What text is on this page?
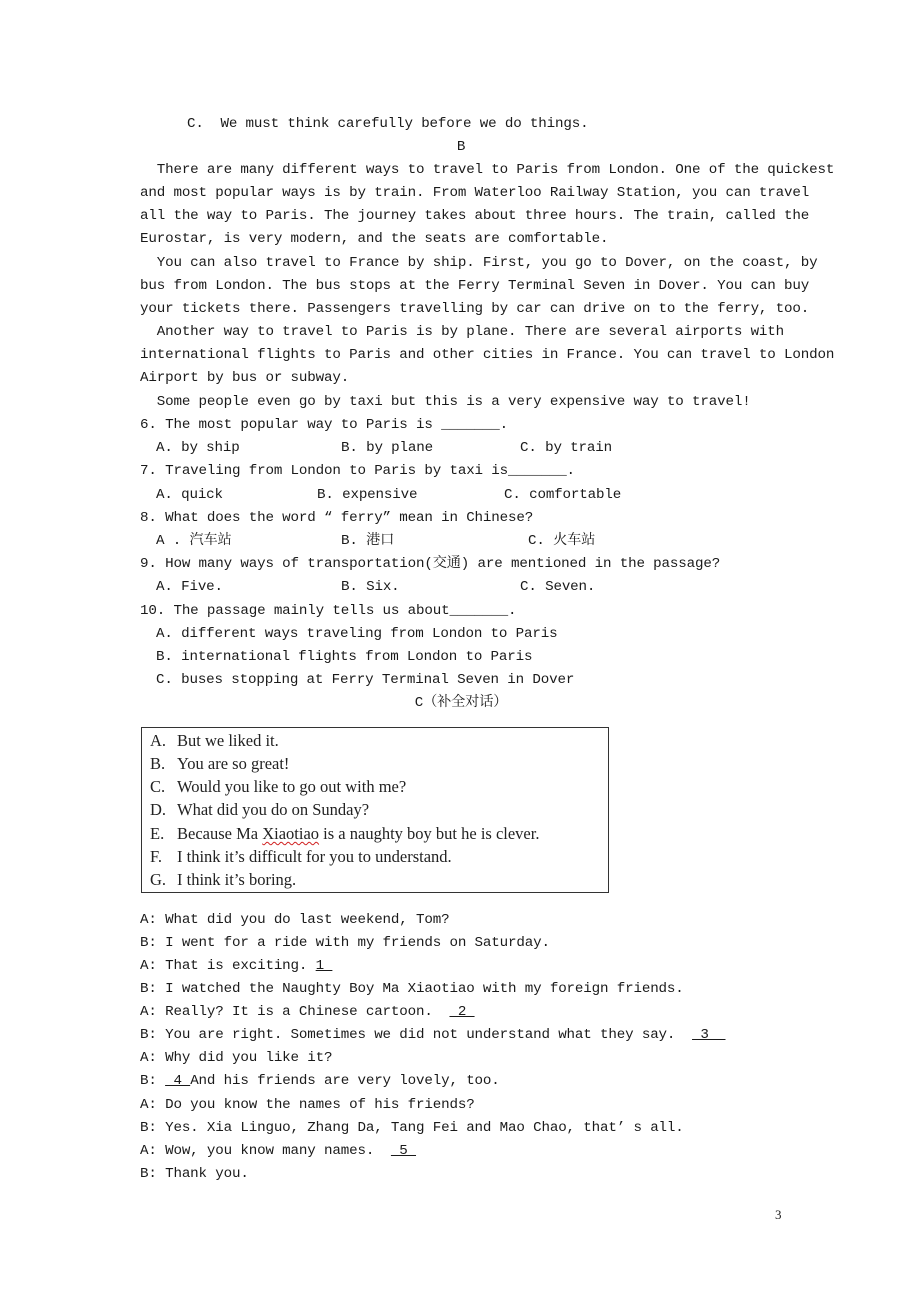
C.  We must think carefully before we do things.
B
There are many different ways to travel to Paris from London. One of the quickest
and most popular ways is by train. From Waterloo Railway Station, you can travel
all the way to Paris. The journey takes about three hours. The train, called the
Eurostar, is very modern, and the seats are comfortable.
You can also travel to France by ship. First, you go to Dover, on the coast, by
bus from London. The bus stops at the Ferry Terminal Seven in Dover. You can buy
your tickets there. Passengers travelling by car can drive on to the ferry, too.
Another way to travel to Paris is by plane. There are several airports with
international flights to Paris and other cities in France. You can travel to London
Airport by bus or subway.
Some people even go by taxi but this is a very expensive way to travel!
6. The most popular way to Paris is _______.
A. by ship	B. by plane	C. by train
7. Traveling from London to Paris by taxi is_______.
A. quick	B. expensive	C. comfortable
8. What does the word “ ferry” mean in Chinese?
A . 汽车站	B. 港口	C. 火车站
9. How many ways of transportation(交通) are mentioned in the passage?
A. Five.	B. Six.	C. Seven.
10. The passage mainly tells us about_______.
A. different ways traveling from London to Paris
B. international flights from London to Paris
C. buses stopping at Ferry Terminal Seven in Dover
C（补全对话）
A. But we liked it.
B. You are so great!
C. Would you like to go out with me?
D. What did you do on Sunday?
E. Because Ma Xiaotiao is a naughty boy but he is clever.
F. I think it’s difficult for you to understand.
G. I think it’s boring.
A: What did you do last weekend, Tom?
B: I went for a ride with my friends on Saturday.
A: That is exciting. 1
B: I watched the Naughty Boy Ma Xiaotiao with my foreign friends.
A: Really? It is a Chinese cartoon.   2
B: You are right. Sometimes we did not understand what they say.   3
A: Why did you like it?
B:  4 And his friends are very lovely, too.
A: Do you know the names of his friends?
B: Yes. Xia Linguo, Zhang Da, Tang Fei and Mao Chao, that’ s all.
A: Wow, you know many names.   5
B: Thank you.
3
